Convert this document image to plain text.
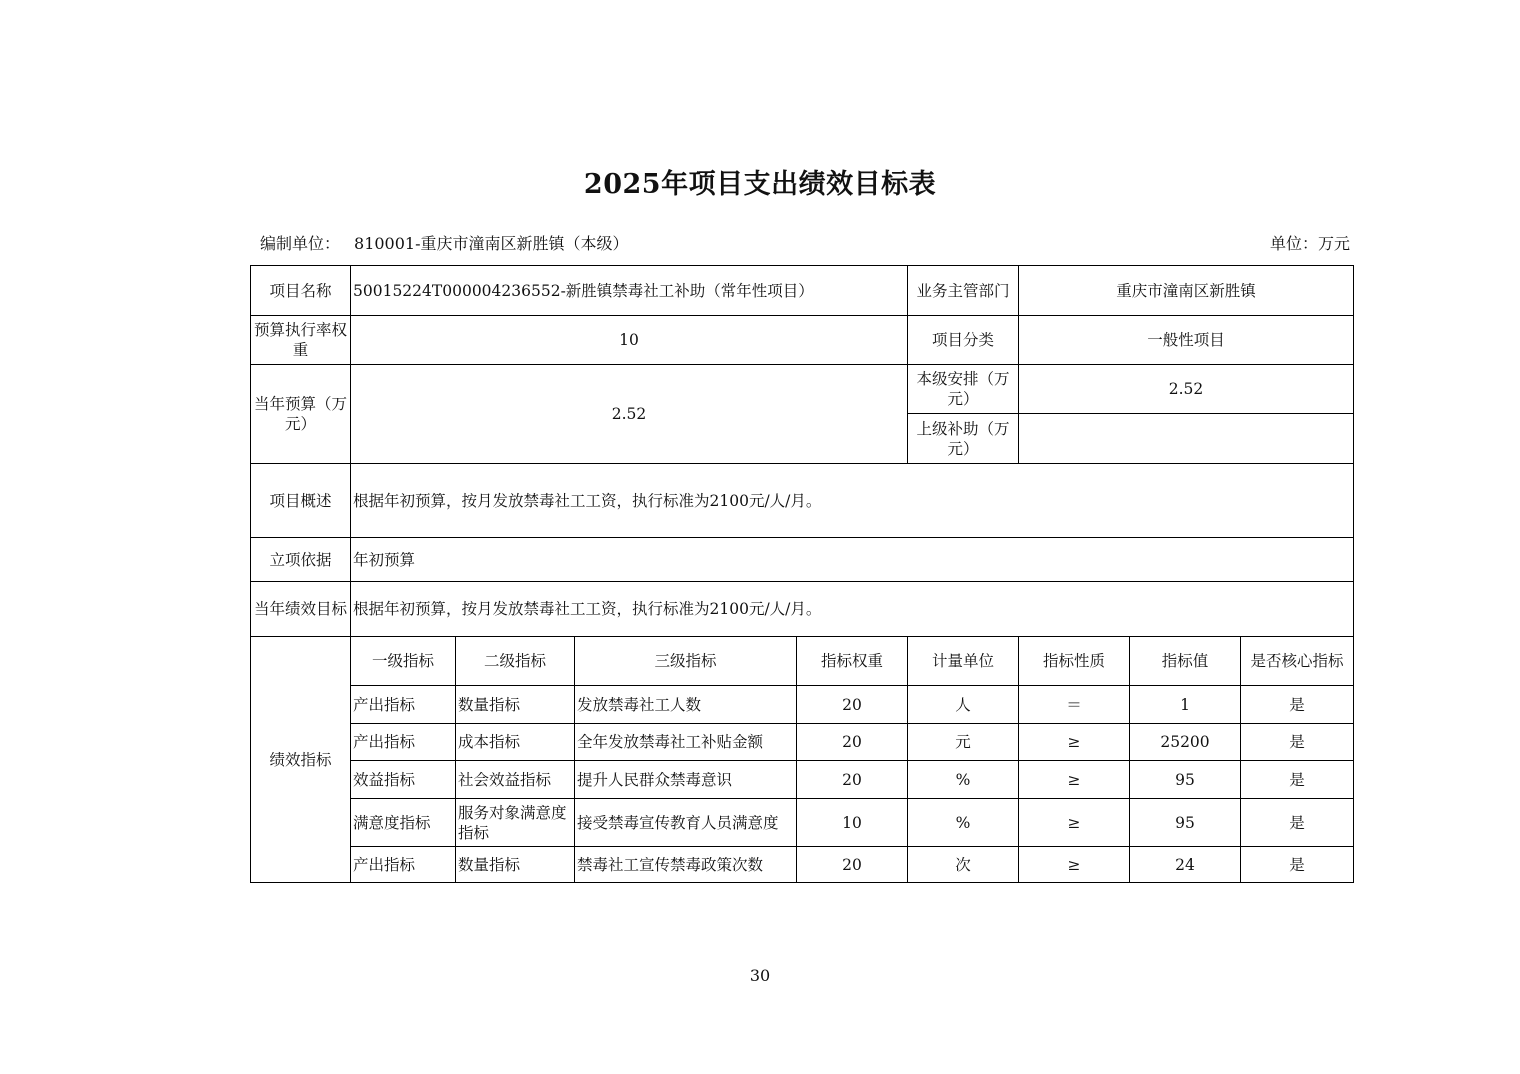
2025年项目支出绩效目标表
编制单位： 810001-重庆市潼南区新胜镇（本级）	单位：万元
项目名称	50015224T000004236552-新胜镇禁毒社工补助（常年性项目）				业务主管部门	重庆市潼南区新胜镇		
预算执行率权重	10				项目分类	一般性项目		
当年预算（万元）	2.52				本级安排（万元）	2.52		
					上级补助（万元）			
项目概述	根据年初预算，按月发放禁毒社工工资，执行标准为2100元/人/月。							
立项依据	年初预算							
当年绩效目标	根据年初预算，按月发放禁毒社工工资，执行标准为2100元/人/月。							
绩效指标	一级指标	二级指标	三级指标	指标权重	计量单位	指标性质	指标值	是否核心指标
	产出指标	数量指标	发放禁毒社工人数	20	人	＝	1	是
	产出指标	成本指标	全年发放禁毒社工补贴金额	20	元	≥	25200	是
	效益指标	社会效益指标	提升人民群众禁毒意识	20	%	≥	95	是
	满意度指标	服务对象满意度指标	接受禁毒宣传教育人员满意度	10	%	≥	95	是
	产出指标	数量指标	禁毒社工宣传禁毒政策次数	20	次	≥	24	是
30
